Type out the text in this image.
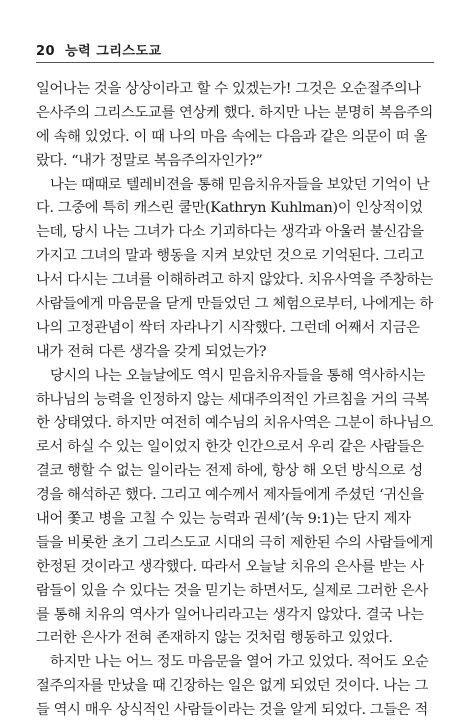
20 능력 그리스도교
일어나는 것을 상상이라고 할 수 있겠는가! 그것은 오순절주의나
은사주의 그리스도교를 연상케 했다. 하지만 나는 분명히 복음주의
에 속해 있었다. 이 때 나의 마음 속에는 다음과 같은 의문이 떠 올
랐다. “내가 정말로 복음주의자인가?”
나는 때때로 텔레비젼을 통해 믿음치유자들을 보았던 기억이 난
다. 그중에 특히 캐스린 쿨만(Kathryn Kuhlman)이 인상적이었
는데, 당시 나는 그녀가 다소 기괴하다는 생각과 아울러 불신감을
가지고 그녀의 말과 행동을 지켜 보았던 것으로 기억된다. 그리고
나서 다시는 그녀를 이해하려고 하지 않았다. 치유사역을 주창하는
사람들에게 마음문을 닫게 만들었던 그 체험으로부터, 나에게는 하
나의 고정관념이 싹터 자라나기 시작했다. 그런데 어째서 지금은
내가 전혀 다른 생각을 갖게 되었는가?
당시의 나는 오늘날에도 역시 믿음치유자들을 통해 역사하시는
하나님의 능력을 인정하지 않는 세대주의적인 가르침을 거의 극복
한 상태였다. 하지만 여전히 예수님의 치유사역은 그분이 하나님으
로서 하실 수 있는 일이었지 한갓 인간으로서 우리 같은 사람들은
결코 행할 수 없는 일이라는 전제 하에, 항상 해 오던 방식으로 성
경을 해석하곤 했다. 그리고 예수께서 제자들에게 주셨던 ‘귀신을
내어 쫓고 병을 고칠 수 있는 능력과 권세’(눅 9:1)는 단지 제자
들을 비롯한 초기 그리스도교 시대의 극히 제한된 수의 사람들에게
한정된 것이라고 생각했다. 따라서 오늘날 치유의 은사를 받는 사
람들이 있을 수 있다는 것을 믿기는 하면서도, 실제로 그러한 은사
를 통해 치유의 역사가 일어나리라고는 생각지 않았다. 결국 나는
그러한 은사가 전혀 존재하지 않는 것처럼 행동하고 있었다.
하지만 나는 어느 정도 마음문을 열어 가고 있었다. 적어도 오순
절주의자를 만났을 때 긴장하는 일은 없게 되었던 것이다. 나는 그
들 역시 매우 상식적인 사람들이라는 것을 알게 되었다. 그들은 적
